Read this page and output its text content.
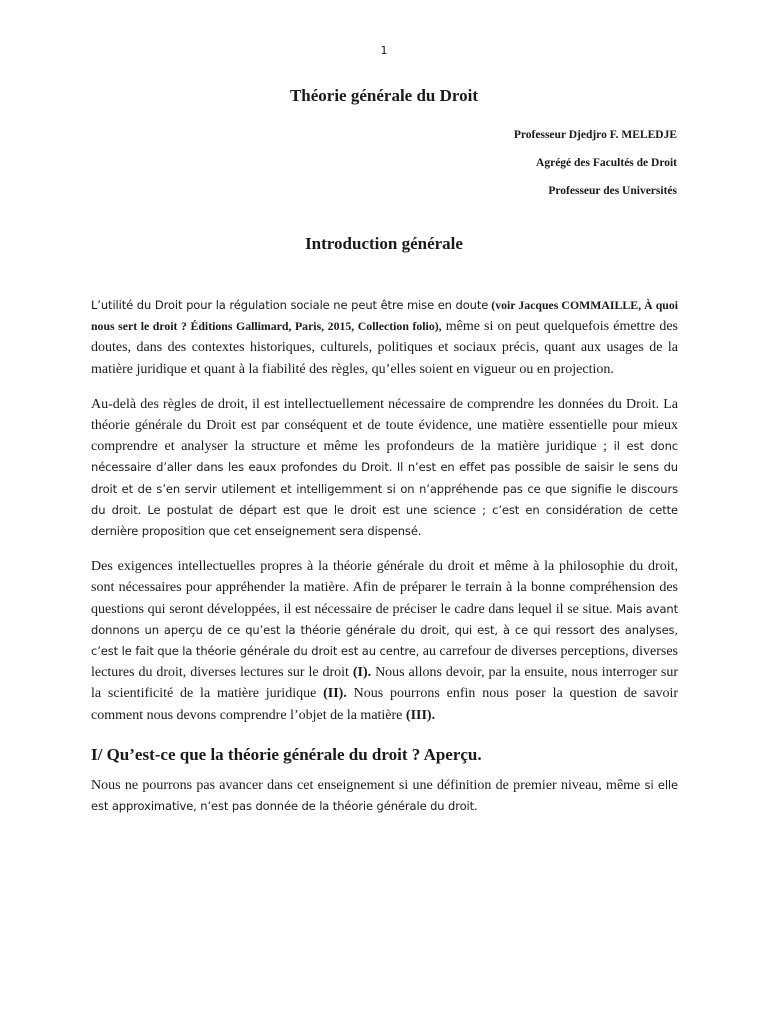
1
Théorie générale du Droit
Professeur Djedjro F. MELEDJE
Agrégé des Facultés de Droit
Professeur des Universités
Introduction générale

L’utilité du Droit pour la régulation sociale ne peut être mise en doute (voir Jacques COMMAILLE, À quoi nous sert le droit ? Éditions Gallimard, Paris, 2015, Collection folio), même si on peut quelquefois émettre des doutes, dans des contextes historiques, culturels, politiques et sociaux précis, quant aux usages de la matière juridique et quant à la fiabilité des règles, qu’elles soient en vigueur ou en projection.

Au-delà des règles de droit, il est intellectuellement nécessaire de comprendre les données du Droit. La théorie générale du Droit est par conséquent et de toute évidence, une matière essentielle pour mieux comprendre et analyser la structure et même les profondeurs de la matière juridique ; il est donc nécessaire d’aller dans les eaux profondes du Droit. Il n’est en effet pas possible de saisir le sens du droit et de s’en servir utilement et intelligemment si on n’appréhende pas ce que signifie le discours du droit. Le postulat de départ est que le droit est une science ; c’est en considération de cette dernière proposition que cet enseignement sera dispensé.

Des exigences intellectuelles propres à la théorie générale du droit et même à la philosophie du droit, sont nécessaires pour appréhender la matière. Afin de préparer le terrain à la bonne compréhension des questions qui seront développées, il est nécessaire de préciser le cadre dans lequel il se situe. Mais avant donnons un aperçu de ce qu’est la théorie générale du droit, qui est, à ce qui ressort des analyses, c’est le fait que la théorie générale du droit est au centre, au carrefour de diverses perceptions, diverses lectures du droit, diverses lectures sur le droit (I). Nous allons devoir, par la ensuite, nous interroger sur la scientificité de la matière juridique (II). Nous pourrons enfin nous poser la question de savoir comment nous devons comprendre l’objet de la matière (III).

I/ Qu’est-ce que la théorie générale du droit ? Aperçu.

Nous ne pourrons pas avancer dans cet enseignement si une définition de premier niveau, même si elle est approximative, n’est pas donnée de la théorie générale du droit.
